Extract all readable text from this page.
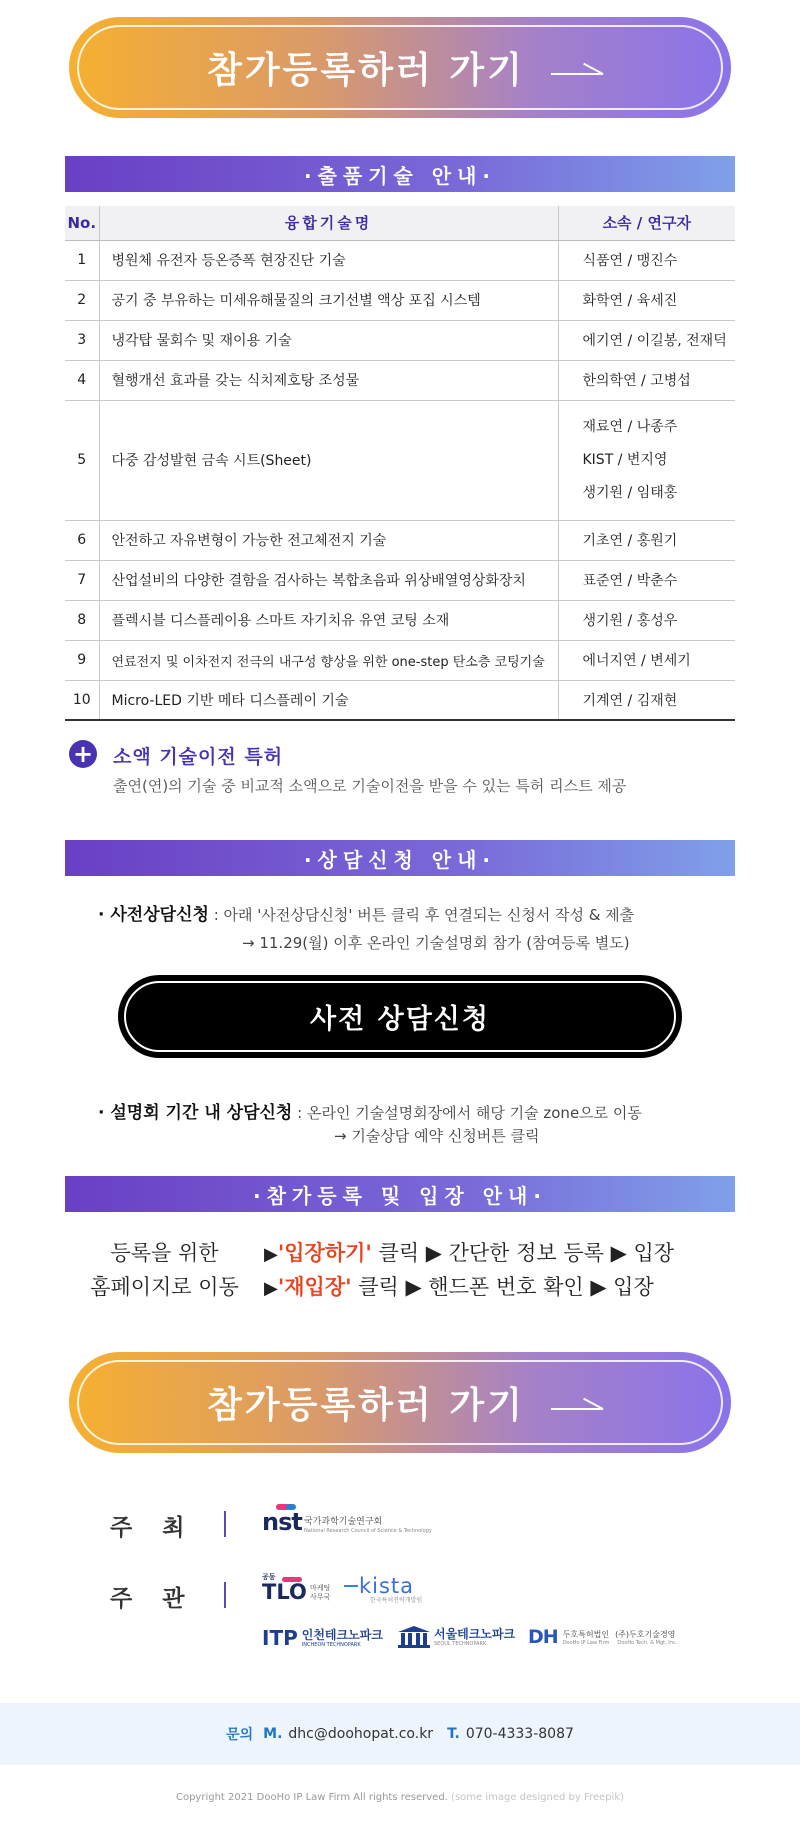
참가등록하러 가기
·출품기술 안내·
No.	융합기술명	소속 / 연구자
1	병원체 유전자 등온증폭 현장진단 기술	식품연 / 맹진수
2	공기 중 부유하는 미세유해물질의 크기선별 액상 포집 시스템	화학연 / 육세진
3	냉각탑 물회수 및 재이용 기술	에기연 / 이길봉, 전재덕
4	혈행개선 효과를 갖는 식치제호탕 조성물	한의학연 / 고병섭
5	다중 감성발현 금속 시트(Sheet)	재료연 / 나종주
KIST / 변지영
생기원 / 임태홍

6	안전하고 자유변형이 가능한 전고체전지 기술	기초연 / 홍원기
7	산업설비의 다양한 결함을 검사하는 복합초음파 위상배열영상화장치	표준연 / 박춘수
8	플렉시블 디스플레이용 스마트 자기치유 유연 코팅 소재	생기원 / 홍성우
9	연료전지 및 이차전지 전극의 내구성 향상을 위한 one-step 탄소층 코팅기술	에너지연 / 변세기
10	Micro-LED 기반 메타 디스플레이 기술	기계연 / 김재현
+ 소액 기술이전 특허
출연(연)의 기술 중 비교적 소액으로 기술이전을 받을 수 있는 특허 리스트 제공
·상담신청 안내·
· 사전상담신청 : 아래 '사전상담신청' 버튼 클릭 후 연결되는 신청서 작성 & 제출
→ 11.29(월) 이후 온라인 기술설명회 참가 (참여등록 별도)
사전 상담신청
· 설명회 기간 내 상담신청 : 온라인 기술설명회장에서 해당 기술 zone으로 이동
→ 기술상담 예약 신청버튼 클릭
·참가등록 및 입장 안내·
등록을 위한
홈페이지로 이동
▶'입장하기' 클릭 ▶ 간단한 정보 등록 ▶ 입장
▶'재입장' 클릭 ▶ 핸드폰 번호 확인 ▶ 입장
참가등록하러 가기
주최 nst 국가과학기술연구회
National Research Council of Science & Technology
주관
공동
TLO 마케팅
사무국 kista
한국특허전략개발원
ITP 인천테크노파크
INCHEON TECHNOPARK
서울테크노파크
SEOUL TECHNOPARK	DH 두호특허법인 (주)두호기술경영
DooHo IP Law Firm DooHo Tech. & Mgt. Inc.
문의 M. dhc@doohopat.co.kr T. 070-4333-8087
Copyright 2021 DooHo IP Law Firm All rights reserved. (some image designed by Freepik)
